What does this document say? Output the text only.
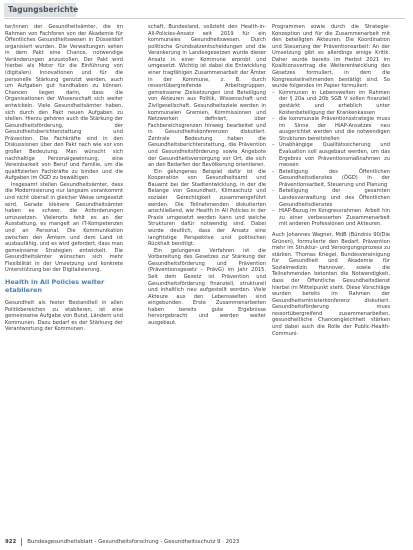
Tagungsberichte

ter/innen der Gesundheitsämter, die im Rahmen von Fachforen von der Akademie für Öffentliches Gesundheitswesen in Düsseldorf organisiert wurden. Die Verwaltungen sehen in dem Pakt eine Chance, notwendige Veränderungen anzustoßen. Der Pakt wird hierbei als Motor für die Einführung von (digitalen) Innovationen und für die personelle Stärkung genutzt werden, auch um Aufgaben gut handhaben zu können. Chancen liegen darin, dass die Organisationen der Wissenschaft sich weiter entwickeln. Viele Gesundheitsämter haben, sich durch den Pakt neuen Aufgaben zu stellen. Hierzu gehören auch die Stärkung der Gesundheitsförderung, der Gesundheitsberichterstattung und Prävention. Die Fachkräfte sind in den Diskussionen über den Pakt nach wie vor von großer Bedeutung. Man wünscht sich nachhaltige Personalgewinnung, eine Vereinbarkeit von Beruf und Familie, um die qualifizierten Fachkräfte zu binden und die Aufgaben im ÖGD zu bewältigen.

Insgesamt stellen Gesundheitsämter, dass die Modernisierung nur langsam vorankommt und nicht überall in gleicher Weise umgesetzt wird. Gerade kleinere Gesundheitsämter haben es schwer, die Anforderungen umzusetzen. Vielerorts fehlt es an der Ausstattung, es mangelt an IT-Kompetenzen und an Personal. Die Kommunikation zwischen den Ämtern und dem Land ist ausbaufähig, und es wird gefordert, dass man gemeinsame Strategien entwickelt. Die Gesundheitsämter wünschen sich mehr Flexibilität in der Umsetzung und konkrete Unterstützung bei der Digitalisierung.

Health in All Policies weiter
etablieren

Gesundheit als fester Bestandteil in allen Politikbereichen zu etablieren, ist eine gemeinsame Aufgabe von Bund, Ländern und Kommunen. Dazu bedarf es der Stärkung der Verantwortung der Kommunen.

schaft, Bundesland, vollzieht den Health-in-All-Policies-Ansatz seit 2019 für ein kommunales Gesundheitswesen. Durch politische Grundsatzentscheidungen und die Verankerung in Landesgesetzen wurde dieser Ansatz in einer Kommune erprobt und umgesetzt. Wichtig ist dabei die Entwicklung einer tragfähigen Zusammenarbeit der Ämter in der Kommune, z. B. durch ressortübergreifende Arbeitsgruppen, gemeinsame Zielsetzungen und Beteiligung von Akteuren aus Politik, Wissenschaft und Zivilgesellschaft. Gesundheitsziele werden in kommunalen Gremien, Kommissionen und Netzwerken definiert, über Fachbereichsgrenzen hinweg bearbeitet und in Gesundheitskonferenzen diskutiert. Zentrale Bedeutung haben die Gesundheitsberichterstattung, die Prävention und Gesundheitsförderung sowie Angebote der Gesundheitsversorgung vor Ort, die sich an den Bedarfen der Bevölkerung orientieren.

Ein gelungenes Beispiel dafür ist die Kooperation von Gesundheitsamt und Bauamt bei der Stadtentwicklung, in der die Belange von Gesundheit, Klimaschutz und sozialer Gerechtigkeit zusammengeführt werden. Die Teilnehmenden diskutierten anschließend, wie Health in All Policies in der Praxis umgesetzt werden kann und welche Strukturen dafür notwendig sind. Dabei wurde deutlich, dass der Ansatz eine langfristige Perspektive und politischen Rückhalt benötigt.

Ein gelungenes Verfahren ist die Vorbereitung des Gesetzes zur Stärkung der Gesundheitsförderung und Prävention (Präventionsgesetz – PrävG) im Jahr 2015. Seit dem Gesetz ist Prävention und Gesundheitsförderung finanziell, strukturell und inhaltlich neu aufgestellt worden. Viele Akteure aus den Lebenswelten sind eingebunden. Erste Zusammenarbeiten haben bereits gute Ergebnisse hervorgebracht und werden weiter ausgebaut.

Programmen sowie durch die Strategie-Konzeption und für die Zusammenarbeit mit den beteiligten Akteuren. Die Koordination und Steuerung der Präventionsarbeit: An der Umsetzung gibt es allerdings einige Kritik. Daher wurde bereits im Herbst 2021 im Koalitionsvertrag die Weiterentwicklung des Gesetzes formuliert, in dem die Kongressteilnehmenden bestätigt sind. So wurde folgendes im Papier formuliert:

– Kommunen in Lebenswelten im Rahmen der § 20a und 20b SGB V sollen finanziell gestärkt und erheblich unter Kostenbeteiligung der Krankenkassen
– die kommunale Präventionsstrategie muss im Sinne der HiAP-Ansatzes neu ausgerichtet werden und die notwendigen Strukturen bereitstellen
– Unabhängige Qualitätssicherung und Evaluation soll ausgebaut werden, um das Ergebnis von Präventionsmaßnahmen zu messen
– Beteiligung des Öffentlichen Gesundheitsdienstes (ÖGD) in der Präventionsarbeit, Steuerung und Planung
– Beteiligung der gesamten Landesverwaltung und des Öffentlichen Gesundheitsdienstes
– HiAP-Bezug im Kongressrahmen. Arbeit hin zu einer verbesserten Zusammenarbeit mit anderen Professionen und Akteuren.

Auch Johannes Wagner, MdB (Bündnis 90/Die Grünen), formulierte den Bedarf, Prävention mehr im Struktur- und Versorgungsprozess zu stärken. Thomas Kriegel, Bundesvereinigung für Gesundheit und Akademie für Sozialmedizin Hannover, sowie die Teilnehmenden betonten die Notwendigkeit, dass der Öffentliche Gesundheitsdienst hierbei im Mittelpunkt steht. Diese Vorschläge wurden bereits im Rahmen der Gesundheitsministerkonferenz diskutiert. Gesundheitsförderung muss ressortübergreifend zusammenarbeiten, gesundheitliche Chancengleichheit stärken und dabei auch die Rolle der Public-Health-Communi-

922 Bundesgesundheitsblatt - Gesundheitsforschung - Gesundheitsschutz 9 · 2023
